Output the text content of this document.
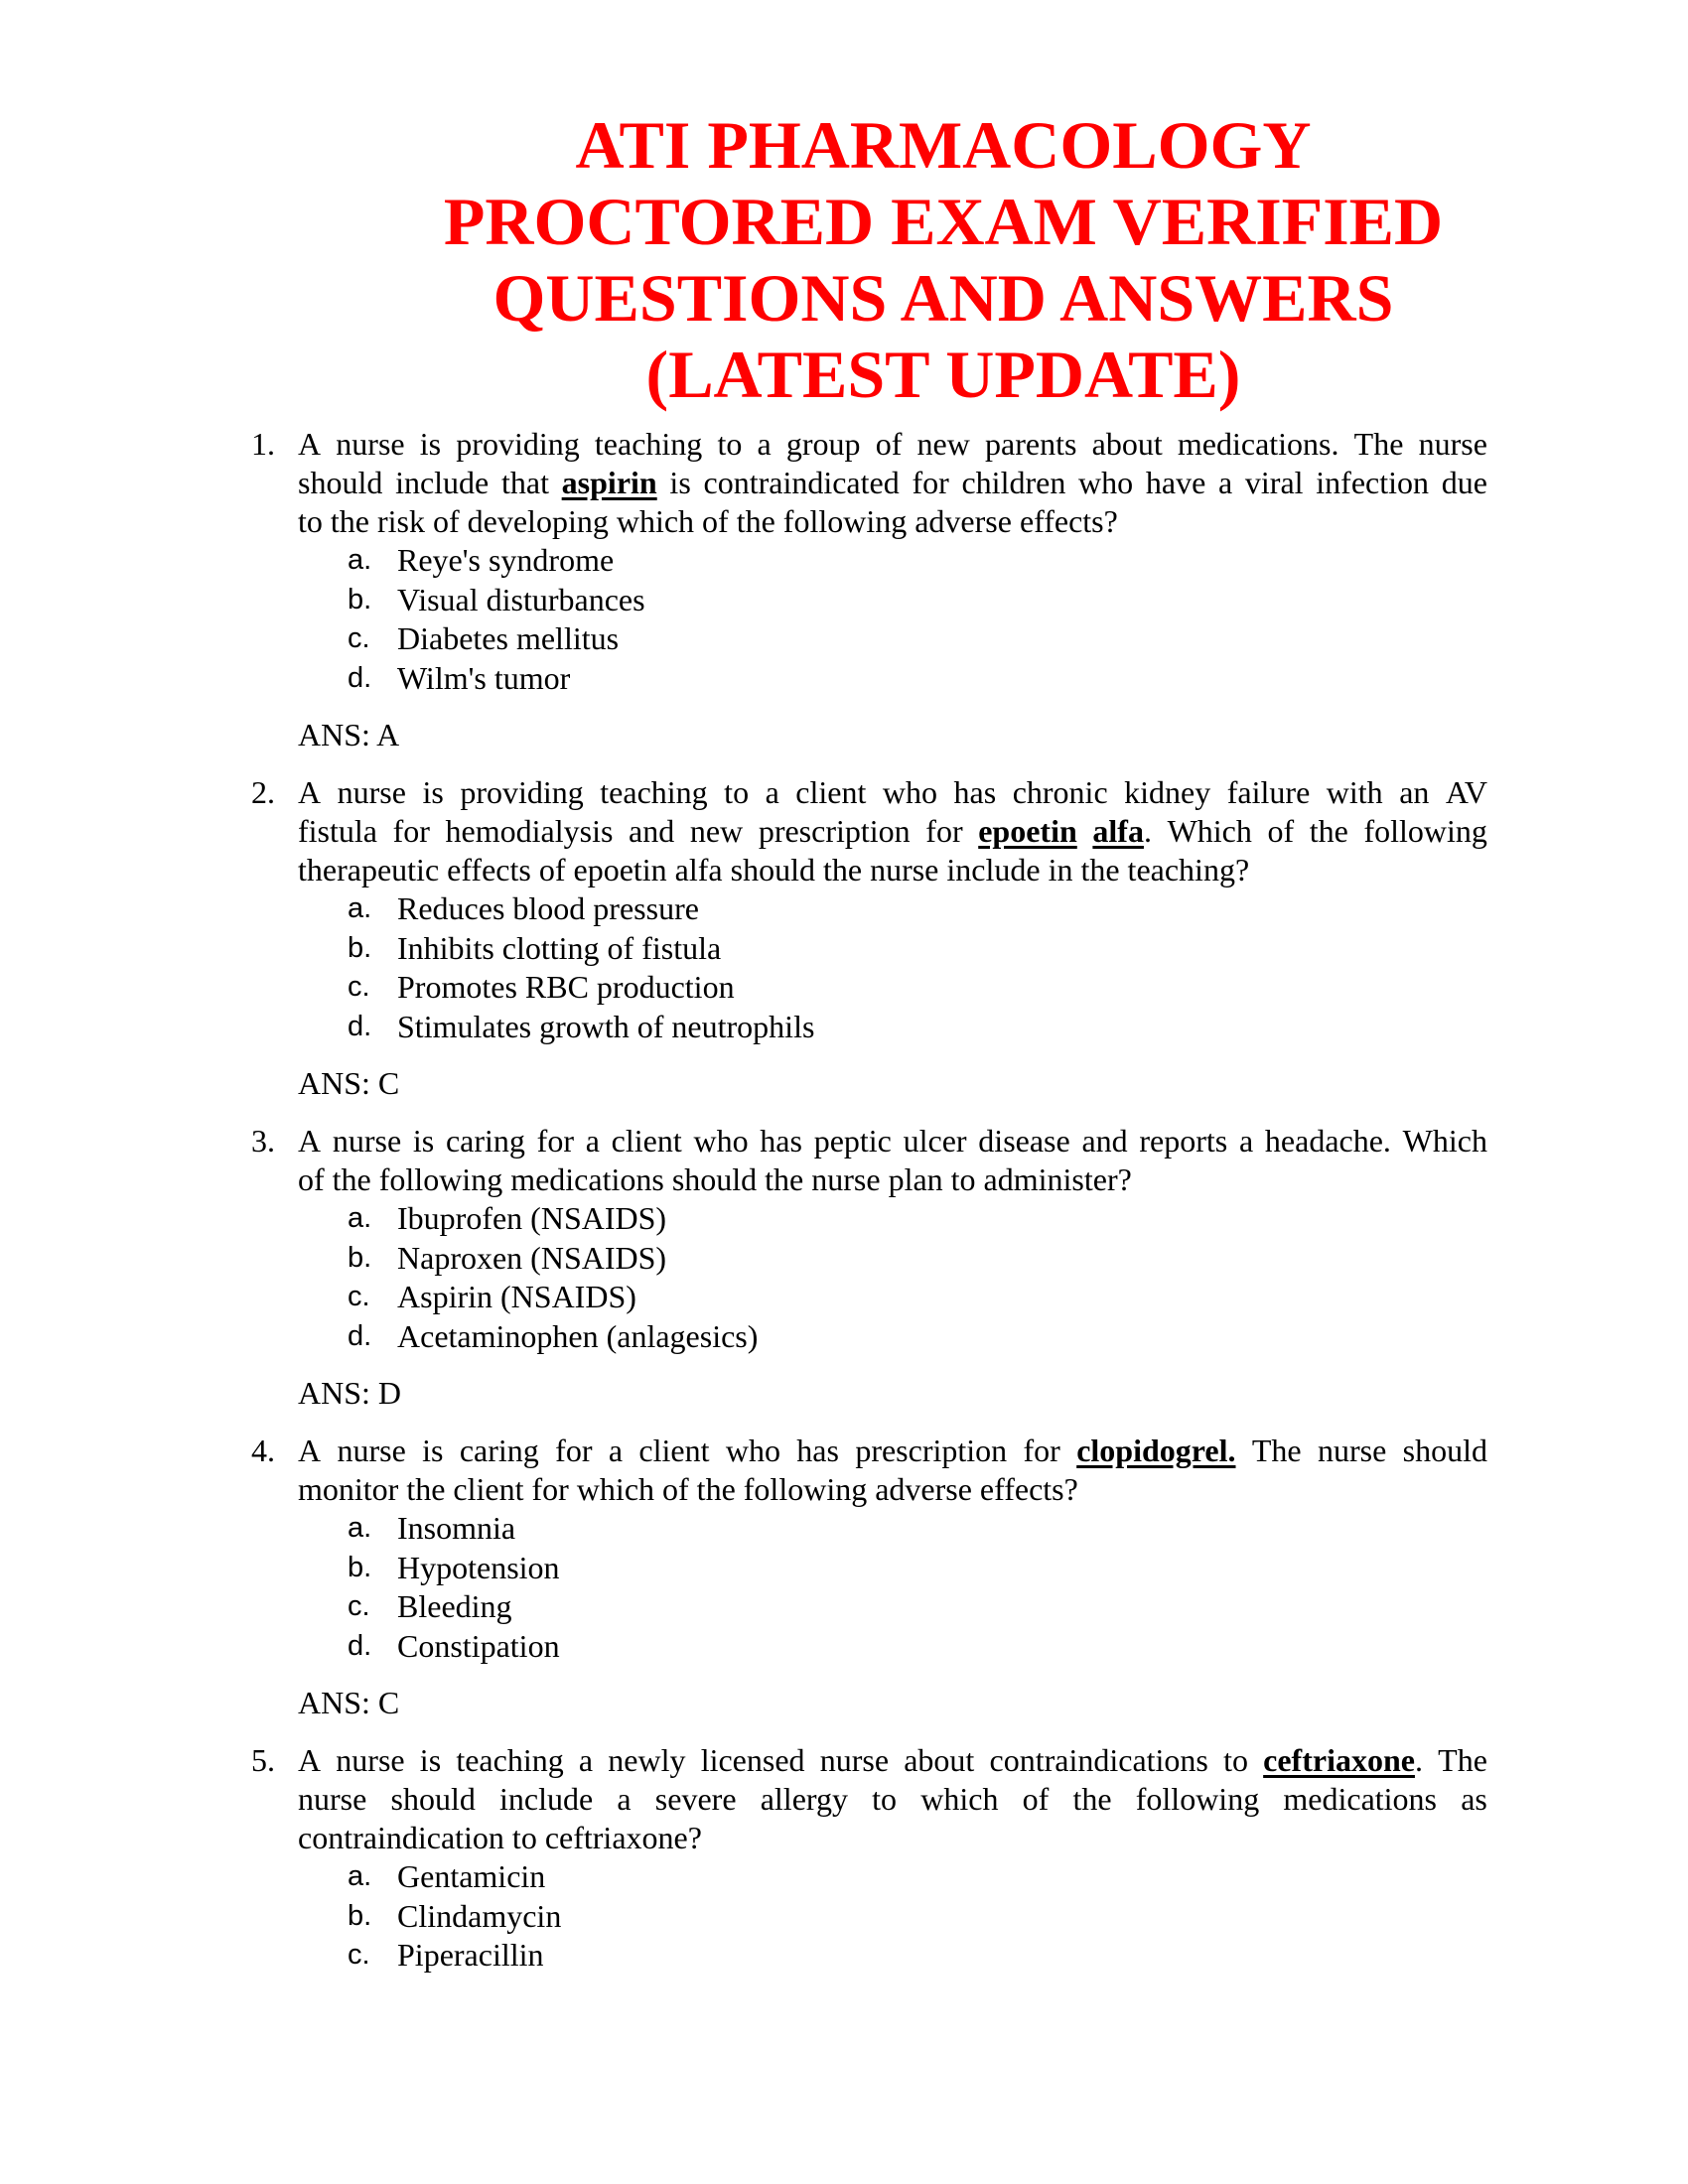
ATI PHARMACOLOGY
PROCTORED EXAM VERIFIED
QUESTIONS AND ANSWERS
(LATEST UPDATE)
1. A nurse is providing teaching to a group of new parents about medications. The nurse
should include that aspirin is contraindicated for children who have a viral infection due
to the risk of developing which of the following adverse effects?
a. Reye's syndrome
b. Visual disturbances
c. Diabetes mellitus
d. Wilm's tumor
ANS: A
2. A nurse is providing teaching to a client who has chronic kidney failure with an AV
fistula for hemodialysis and new prescription for epoetin alfa. Which of the following
therapeutic effects of epoetin alfa should the nurse include in the teaching?
a. Reduces blood pressure
b. Inhibits clotting of fistula
c. Promotes RBC production
d. Stimulates growth of neutrophils
ANS: C
3. A nurse is caring for a client who has peptic ulcer disease and reports a headache. Which
of the following medications should the nurse plan to administer?
a. Ibuprofen (NSAIDS)
b. Naproxen (NSAIDS)
c. Aspirin (NSAIDS)
d. Acetaminophen (anlagesics)
ANS: D
4. A nurse is caring for a client who has prescription for clopidogrel. The nurse should
monitor the client for which of the following adverse effects?
a. Insomnia
b. Hypotension
c. Bleeding
d. Constipation
ANS: C
5. A nurse is teaching a newly licensed nurse about contraindications to ceftriaxone. The
nurse should include a severe allergy to which of the following medications as
contraindication to ceftriaxone?
a. Gentamicin
b. Clindamycin
c. Piperacillin
